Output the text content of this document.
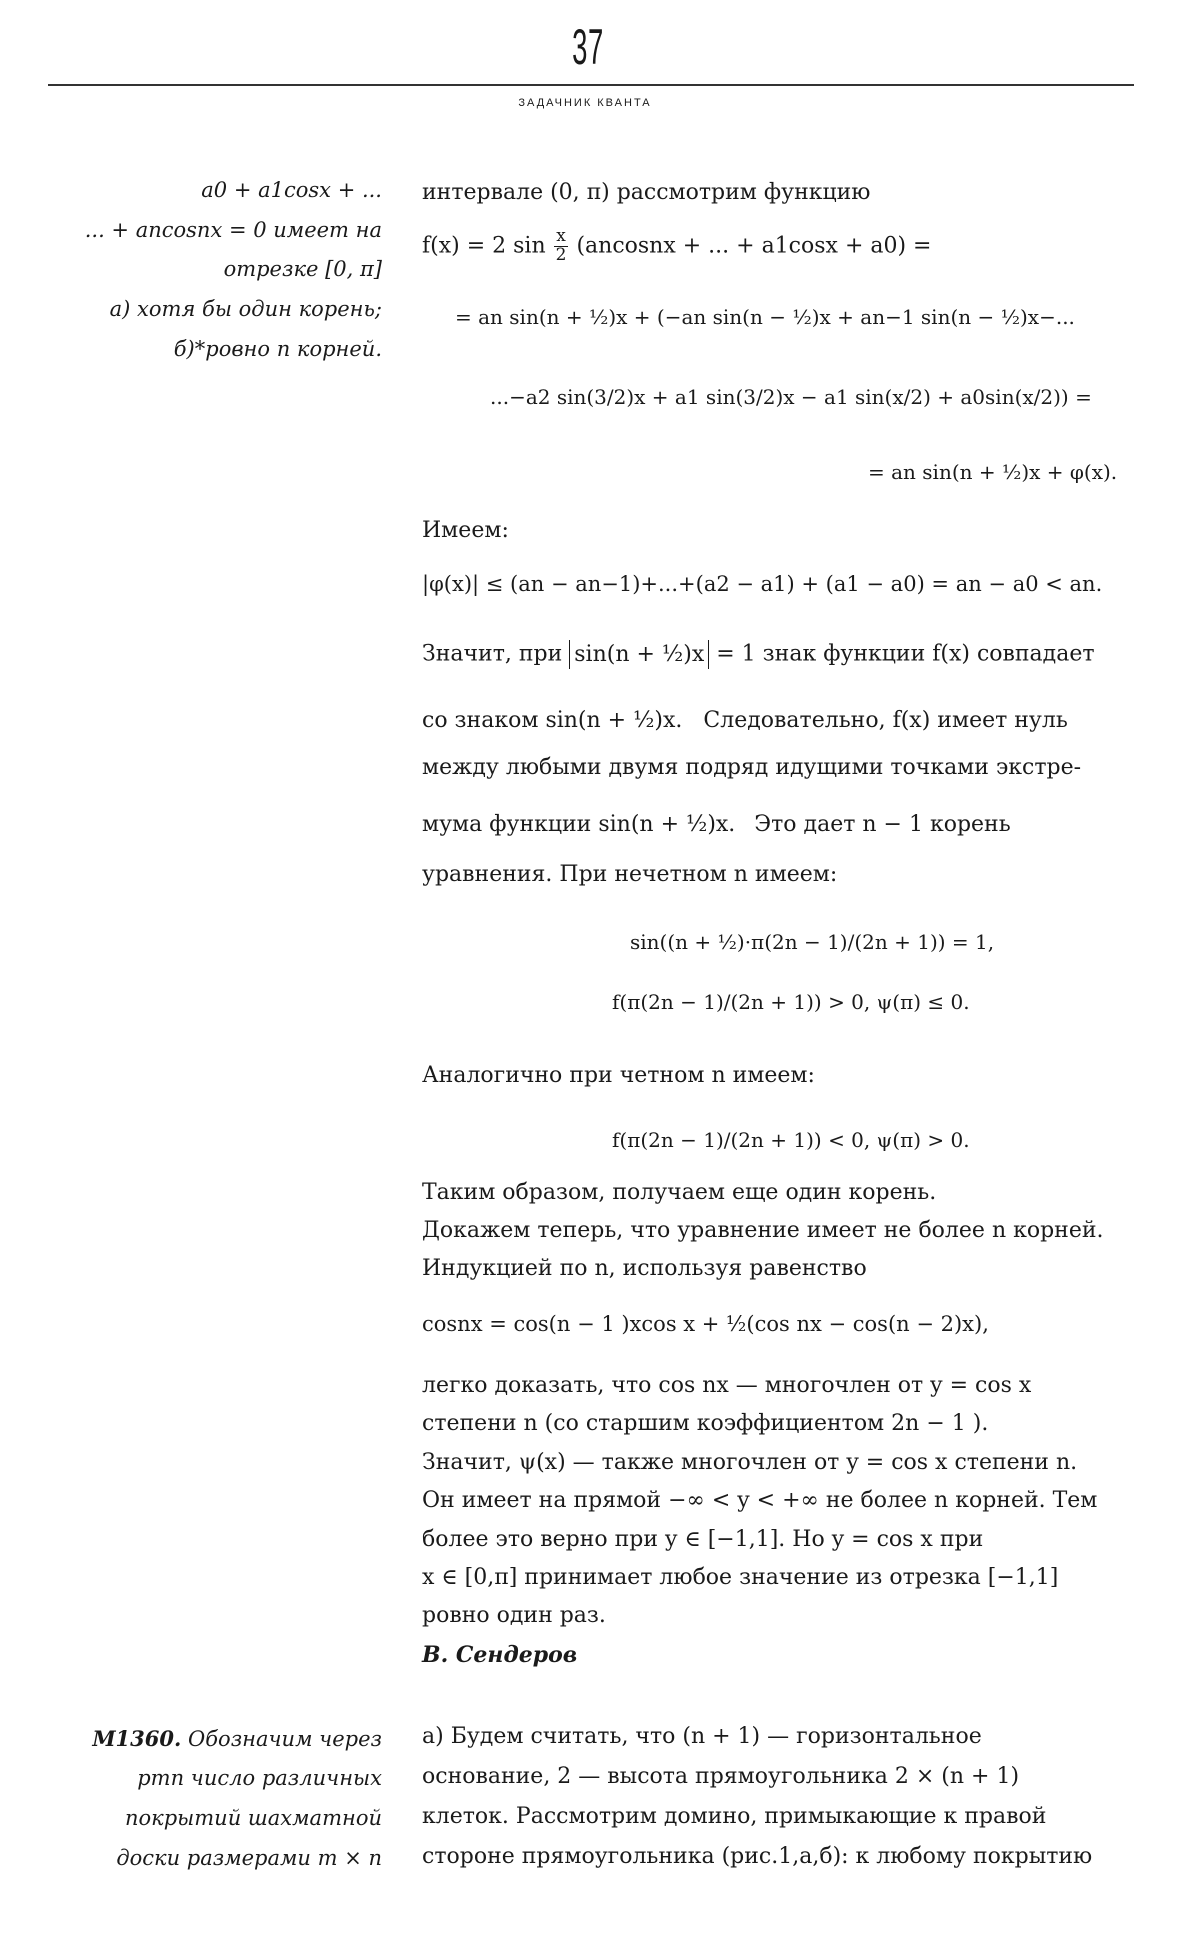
37
ЗАДАЧНИК КВАНТА
a0 + a1cosx + ...
... + ancosnx = 0 имеет на
отрезке [0, π]
а) хотя бы один корень;
б)*ровно n корней.
интервале (0, π) рассмотрим функцию
f(x) = 2 $\sin \frac{x}{2}$ (ancosnx + ... + a1cosx + a0) =
= an sin(n + ½)x + (−an sin(n − ½)x + an−1 sin(n − ½)x−...
...−a2 sin(3/2)x + a1 sin(3/2)x − a1 sin(x/2) + a0sin(x/2)) =
= an sin(n + ½)x + φ(x).
Имеем:
|φ(x)| ≤ (an − an−1)+...+(a2 − a1) + (a1 − a0) = an − a0 < an.
Значит, при sin(n + ½)x = 1 знак функции f(x) совпадает
со знаком sin(n + ½)x. Следовательно, f(x) имеет нуль
между любыми двумя подряд идущими точками экстре-
мума функции sin(n + ½)x. Это дает n − 1 корень
уравнения. При нечетном n имеем:
sin((n + ½)·π(2n − 1)/(2n + 1)) = 1,
f(π(2n − 1)/(2n + 1)) > 0, ψ(π) ≤ 0.
Аналогично при четном n имеем:
f(π(2n − 1)/(2n + 1)) < 0, ψ(π) > 0.
Таким образом, получаем еще один корень.
Докажем теперь, что уравнение имеет не более n корней.
Индукцией по n, используя равенство
cosnx = cos(n − 1 )xcos x + ½(cos nx − cos(n − 2)x),
легко доказать, что cos nx — многочлен от y = cos x
степени n (со старшим коэффициентом 2n − 1 ).
Значит, ψ(x) — также многочлен от y = cos x степени n.
Он имеет на прямой −∞ < y < +∞ не более n корней. Тем
более это верно при y ∈ [−1,1]. Но y = cos x при
x ∈ [0,π] принимает любое значение из отрезка [−1,1]
ровно один раз.
В. Сендеров
М1360. Обозначим через
pmn число различных
покрытий шахматной
доски размерами m × n
а) Будем считать, что (n + 1) — горизонтальное
основание, 2 — высота прямоугольника 2 × (n + 1)
клеток. Рассмотрим домино, примыкающие к правой
стороне прямоугольника (рис.1,а,б): к любому покрытию
